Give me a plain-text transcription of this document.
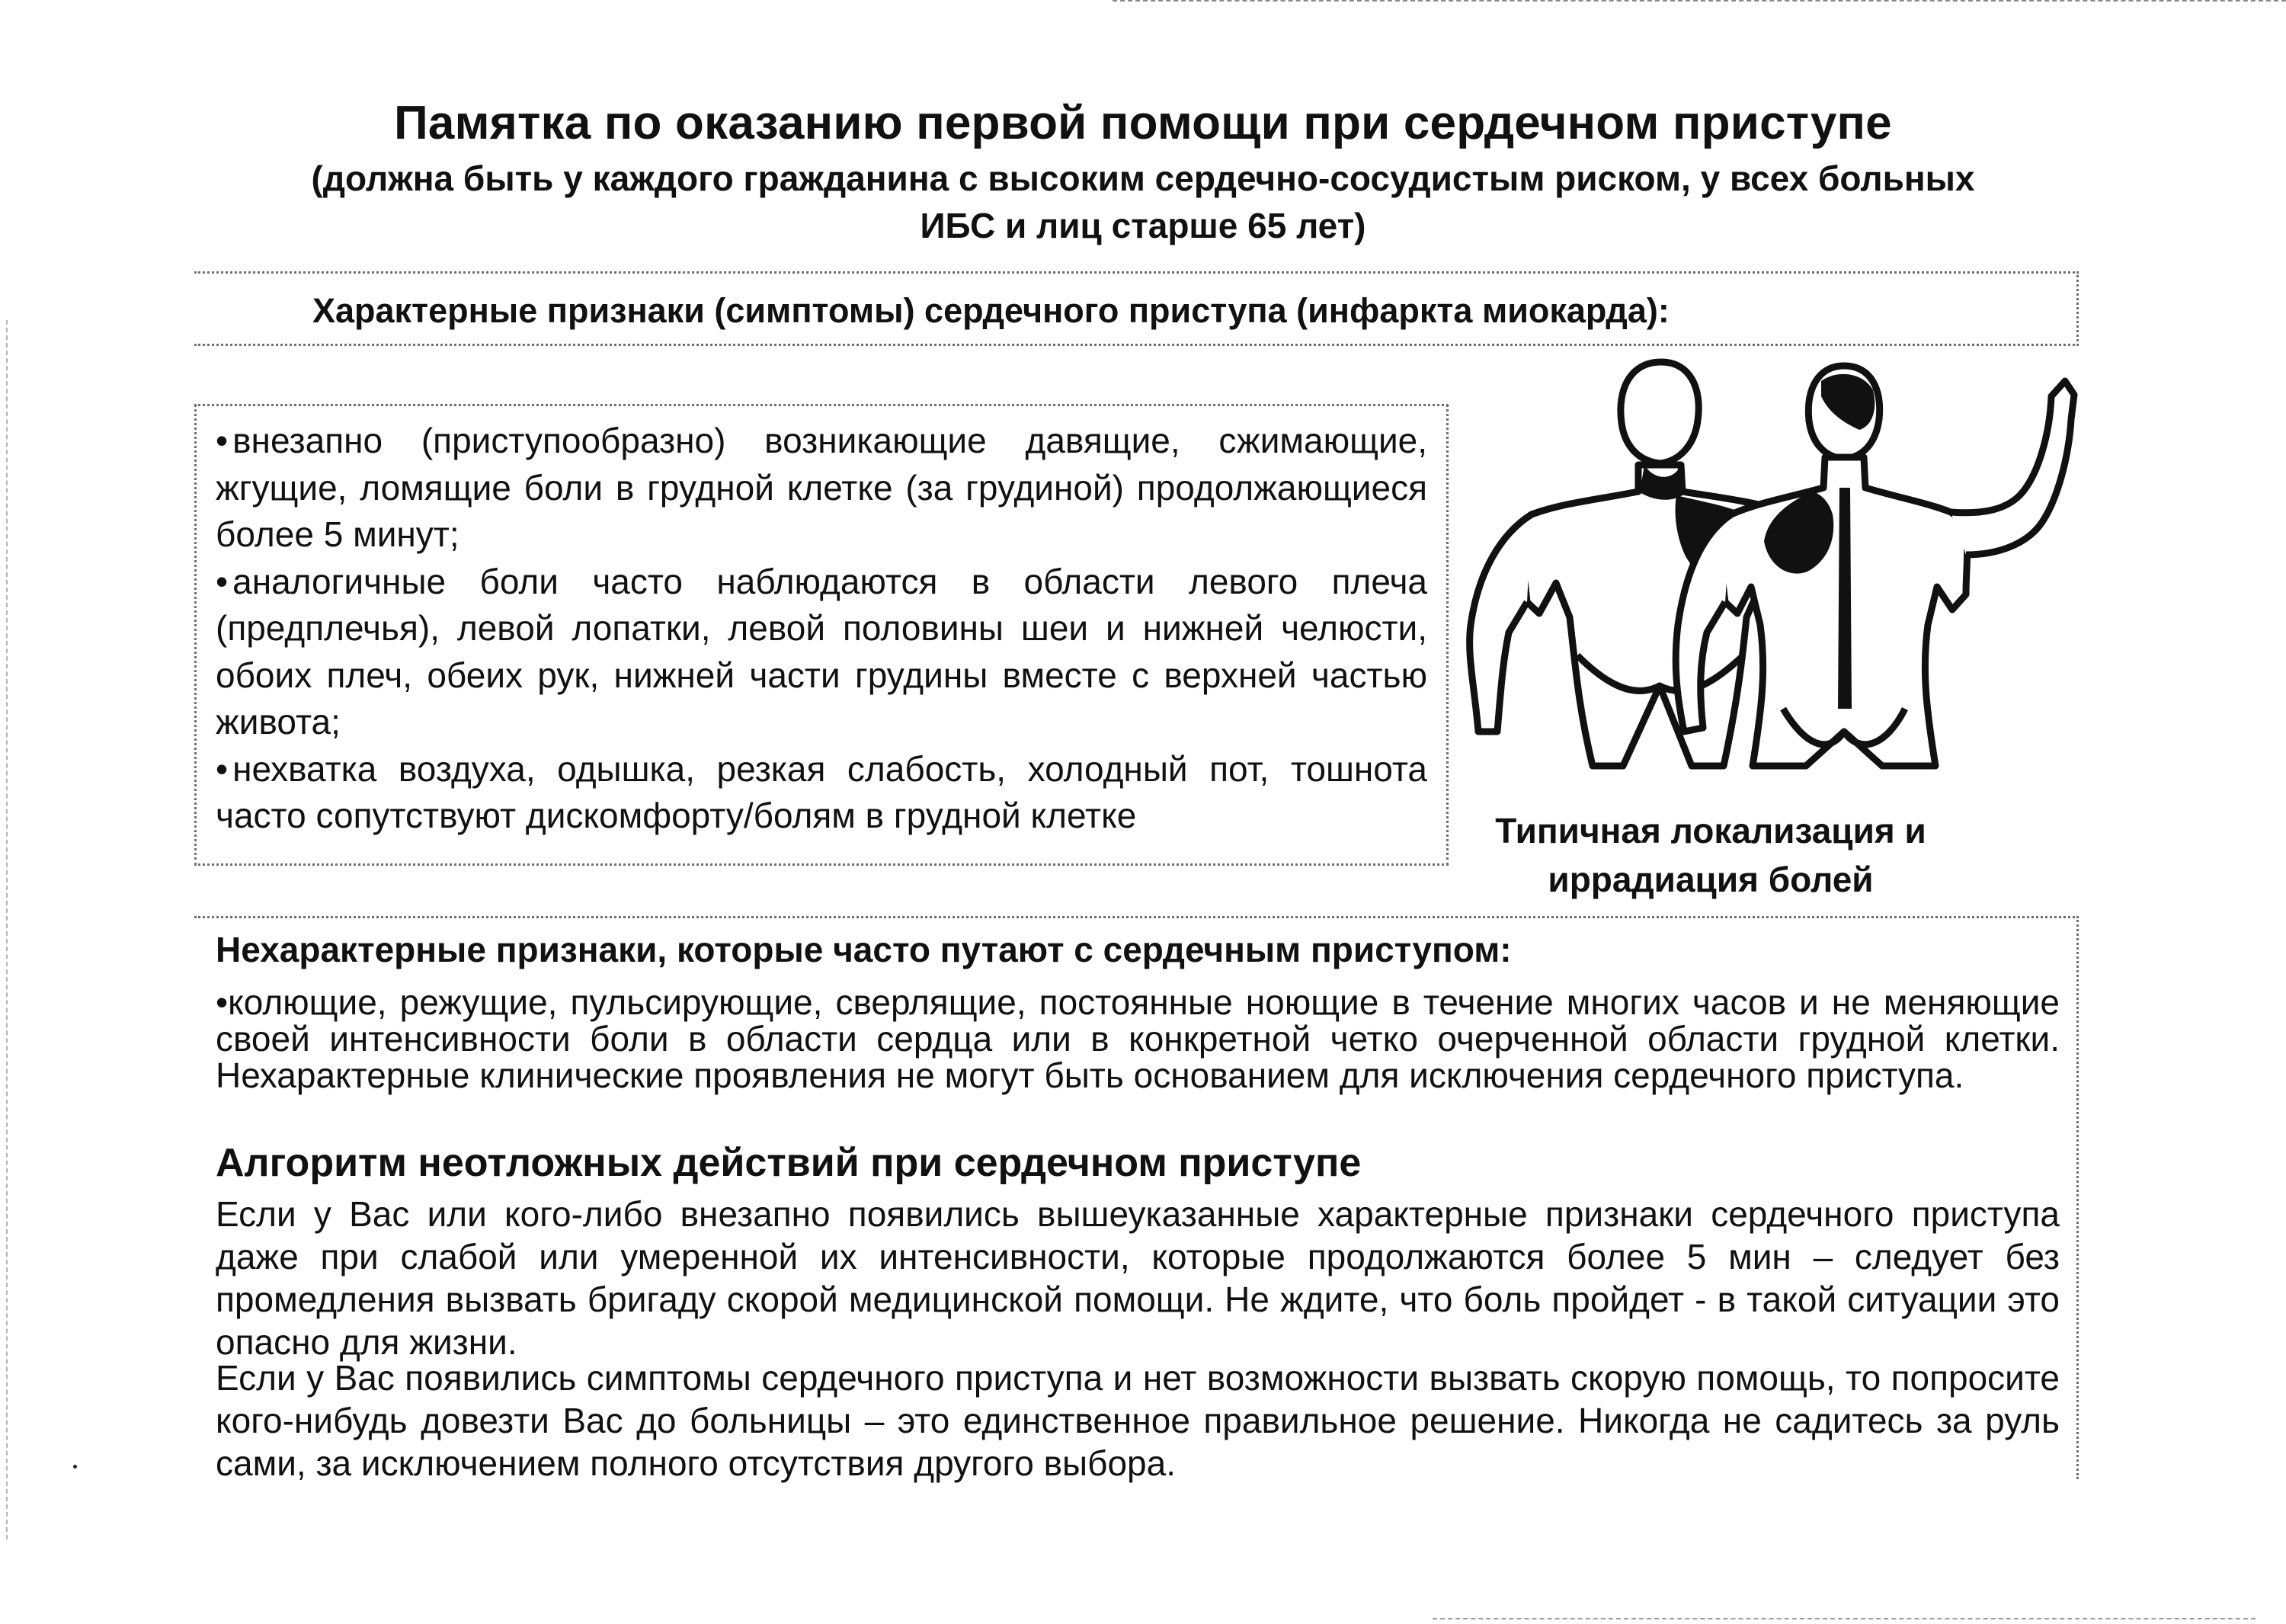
Памятка по оказанию первой помощи при сердечном приступе

(должна быть у каждого гражданина с высоким сердечно-сосудистым риском, у всех больных ИБС и лиц старше 65 лет)

Характерные признаки (симптомы) сердечного приступа (инфаркта миокарда):
• внезапно (приступообразно) возникающие давящие, сжимающие, жгущие, ломящие боли в грудной клетке (за грудиной) продолжающиеся более 5 минут;
• аналогичные боли часто наблюдаются в области левого плеча (предплечья), левой лопатки, левой половины шеи и нижней челюсти, обоих плеч, обеих рук, нижней части грудины вместе с верхней частью живота;
• нехватка воздуха, одышка, резкая слабость, холодный пот, тошнота часто сопутствуют дискомфорту/болям в грудной клетке	Типичная локализация и иррадиация болей

Нехарактерные признаки, которые часто путают с сердечным приступом:

•колющие, режущие, пульсирующие, сверлящие, постоянные ноющие в течение многих часов и не меняющие своей интенсивности боли в области сердца или в конкретной четко очерченной области грудной клетки. Нехарактерные клинические проявления не могут быть основанием для исключения сердечного приступа.

Алгоритм неотложных действий при сердечном приступе

Если у Вас или кого-либо внезапно появились вышеуказанные характерные признаки сердечного приступа даже при слабой или умеренной их интенсивности, которые продолжаются более 5 мин – следует без промедления вызвать бригаду скорой медицинской помощи. Не ждите, что боль пройдет - в такой ситуации это опасно для жизни.

Если у Вас появились симптомы сердечного приступа и нет возможности вызвать скорую помощь, то попросите кого-нибудь довезти Вас до больницы – это единственное правильное решение. Никогда не садитесь за руль сами, за исключением полного отсутствия другого выбора.
